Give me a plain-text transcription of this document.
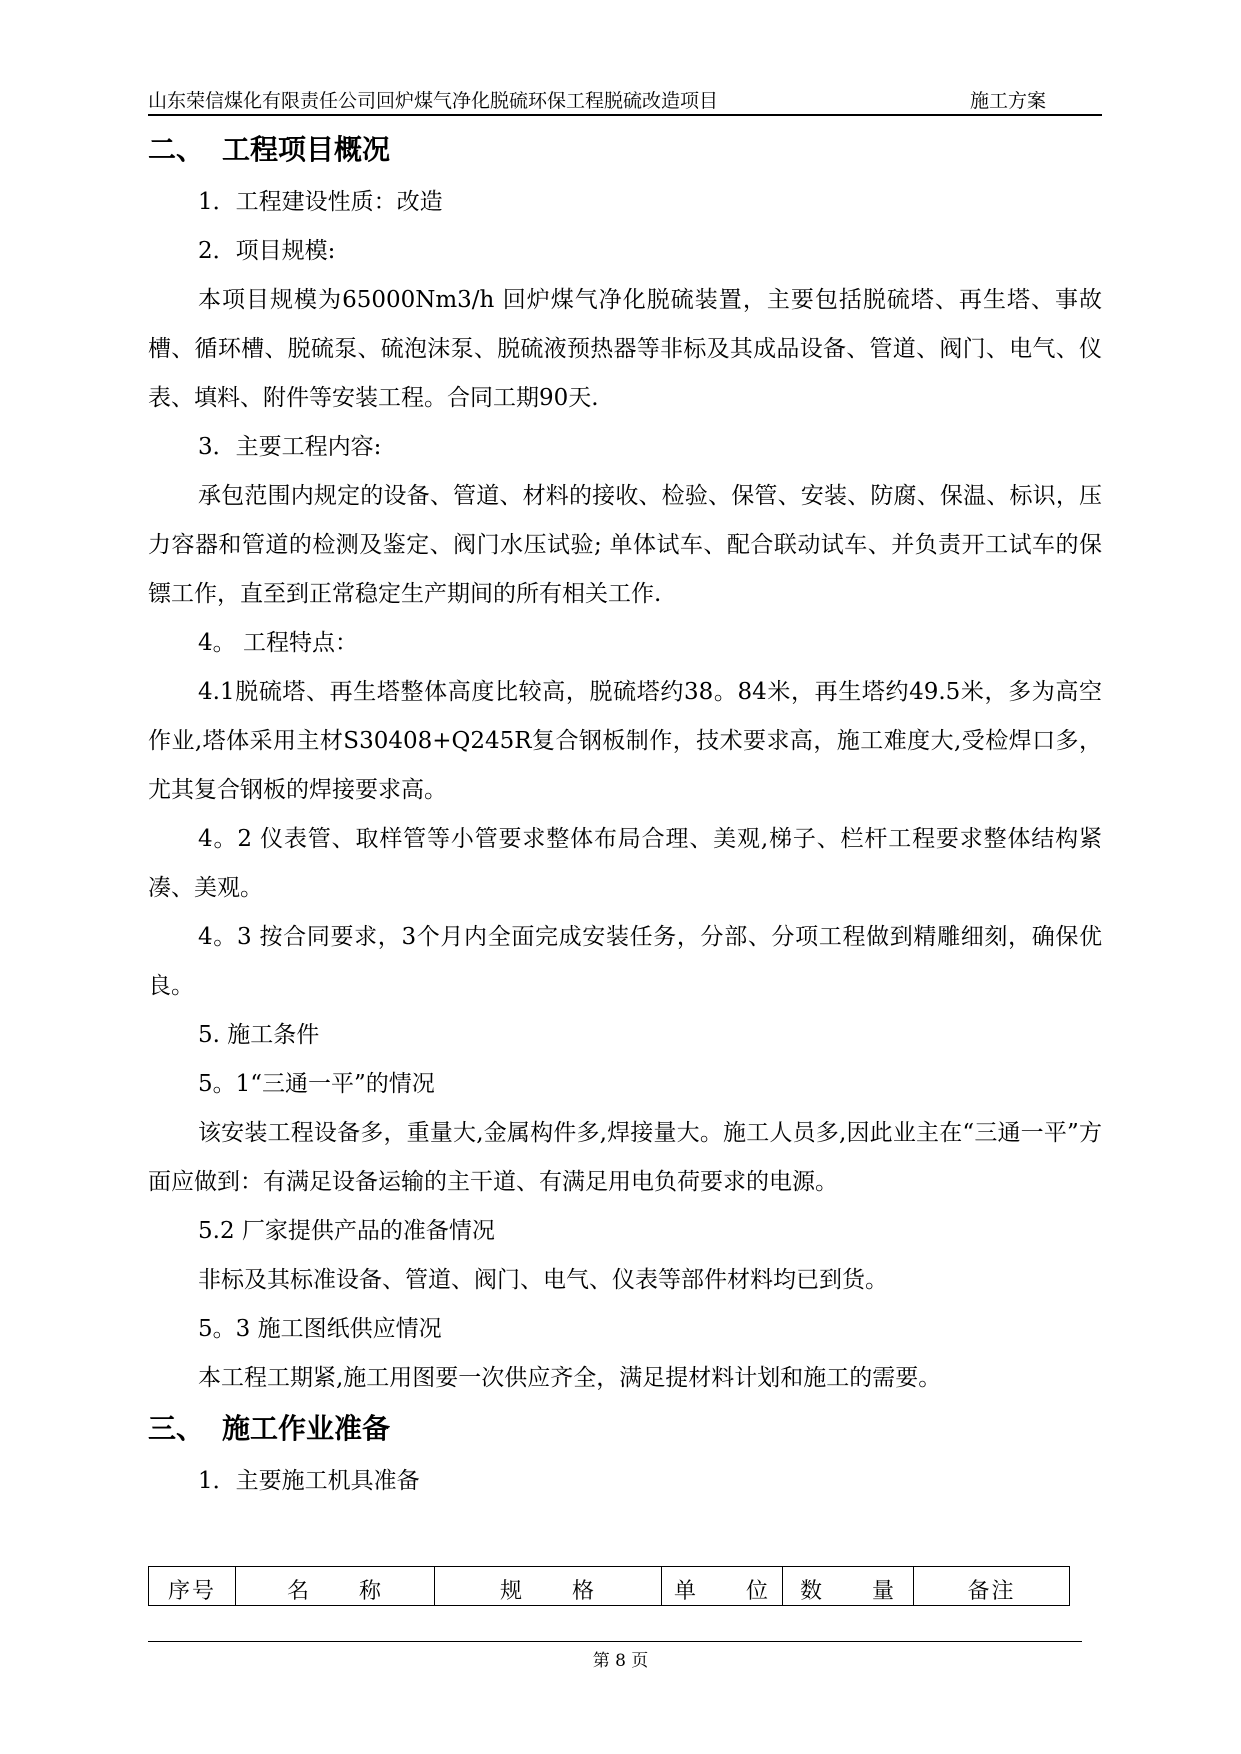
山东荣信煤化有限责任公司回炉煤气净化脱硫环保工程脱硫改造项目	施工方案
二、 工程项目概况

1．工程建设性质：改造

2．项目规模:

本项目规模为65000Nm3/h 回炉煤气净化脱硫装置，主要包括脱硫塔、再生塔、事故槽、循环槽、脱硫泵、硫泡沫泵、脱硫液预热器等非标及其成品设备、管道、阀门、电气、仪表、填料、附件等安装工程。合同工期90天.

3．主要工程内容:

承包范围内规定的设备、管道、材料的接收、检验、保管、安装、防腐、保温、标识，压力容器和管道的检测及鉴定、阀门水压试验; 单体试车、配合联动试车、并负责开工试车的保镖工作，直至到正常稳定生产期间的所有相关工作.

4。 工程特点：

4.1脱硫塔、再生塔整体高度比较高，脱硫塔约38。84米，再生塔约49.5米，多为高空作业,塔体采用主材S30408+Q245R复合钢板制作，技术要求高，施工难度大,受检焊口多，尤其复合钢板的焊接要求高。

4。2 仪表管、取样管等小管要求整体布局合理、美观,梯子、栏杆工程要求整体结构紧凑、美观。

4。3 按合同要求，3个月内全面完成安装任务，分部、分项工程做到精雕细刻，确保优良。

5. 施工条件

5。1“三通一平”的情况

该安装工程设备多，重量大,金属构件多,焊接量大。施工人员多,因此业主在“三通一平”方面应做到：有满足设备运输的主干道、有满足用电负荷要求的电源。

5.2 厂家提供产品的准备情况

非标及其标准设备、管道、阀门、电气、仪表等部件材料均已到货。

5。3 施工图纸供应情况

本工程工期紧,施工用图要一次供应齐全，满足提材料计划和施工的需要。

三、 施工作业准备

1．主要施工机具准备

序号	名　　称	规　　格	单　　位	数　　量	备注
第 8 页
